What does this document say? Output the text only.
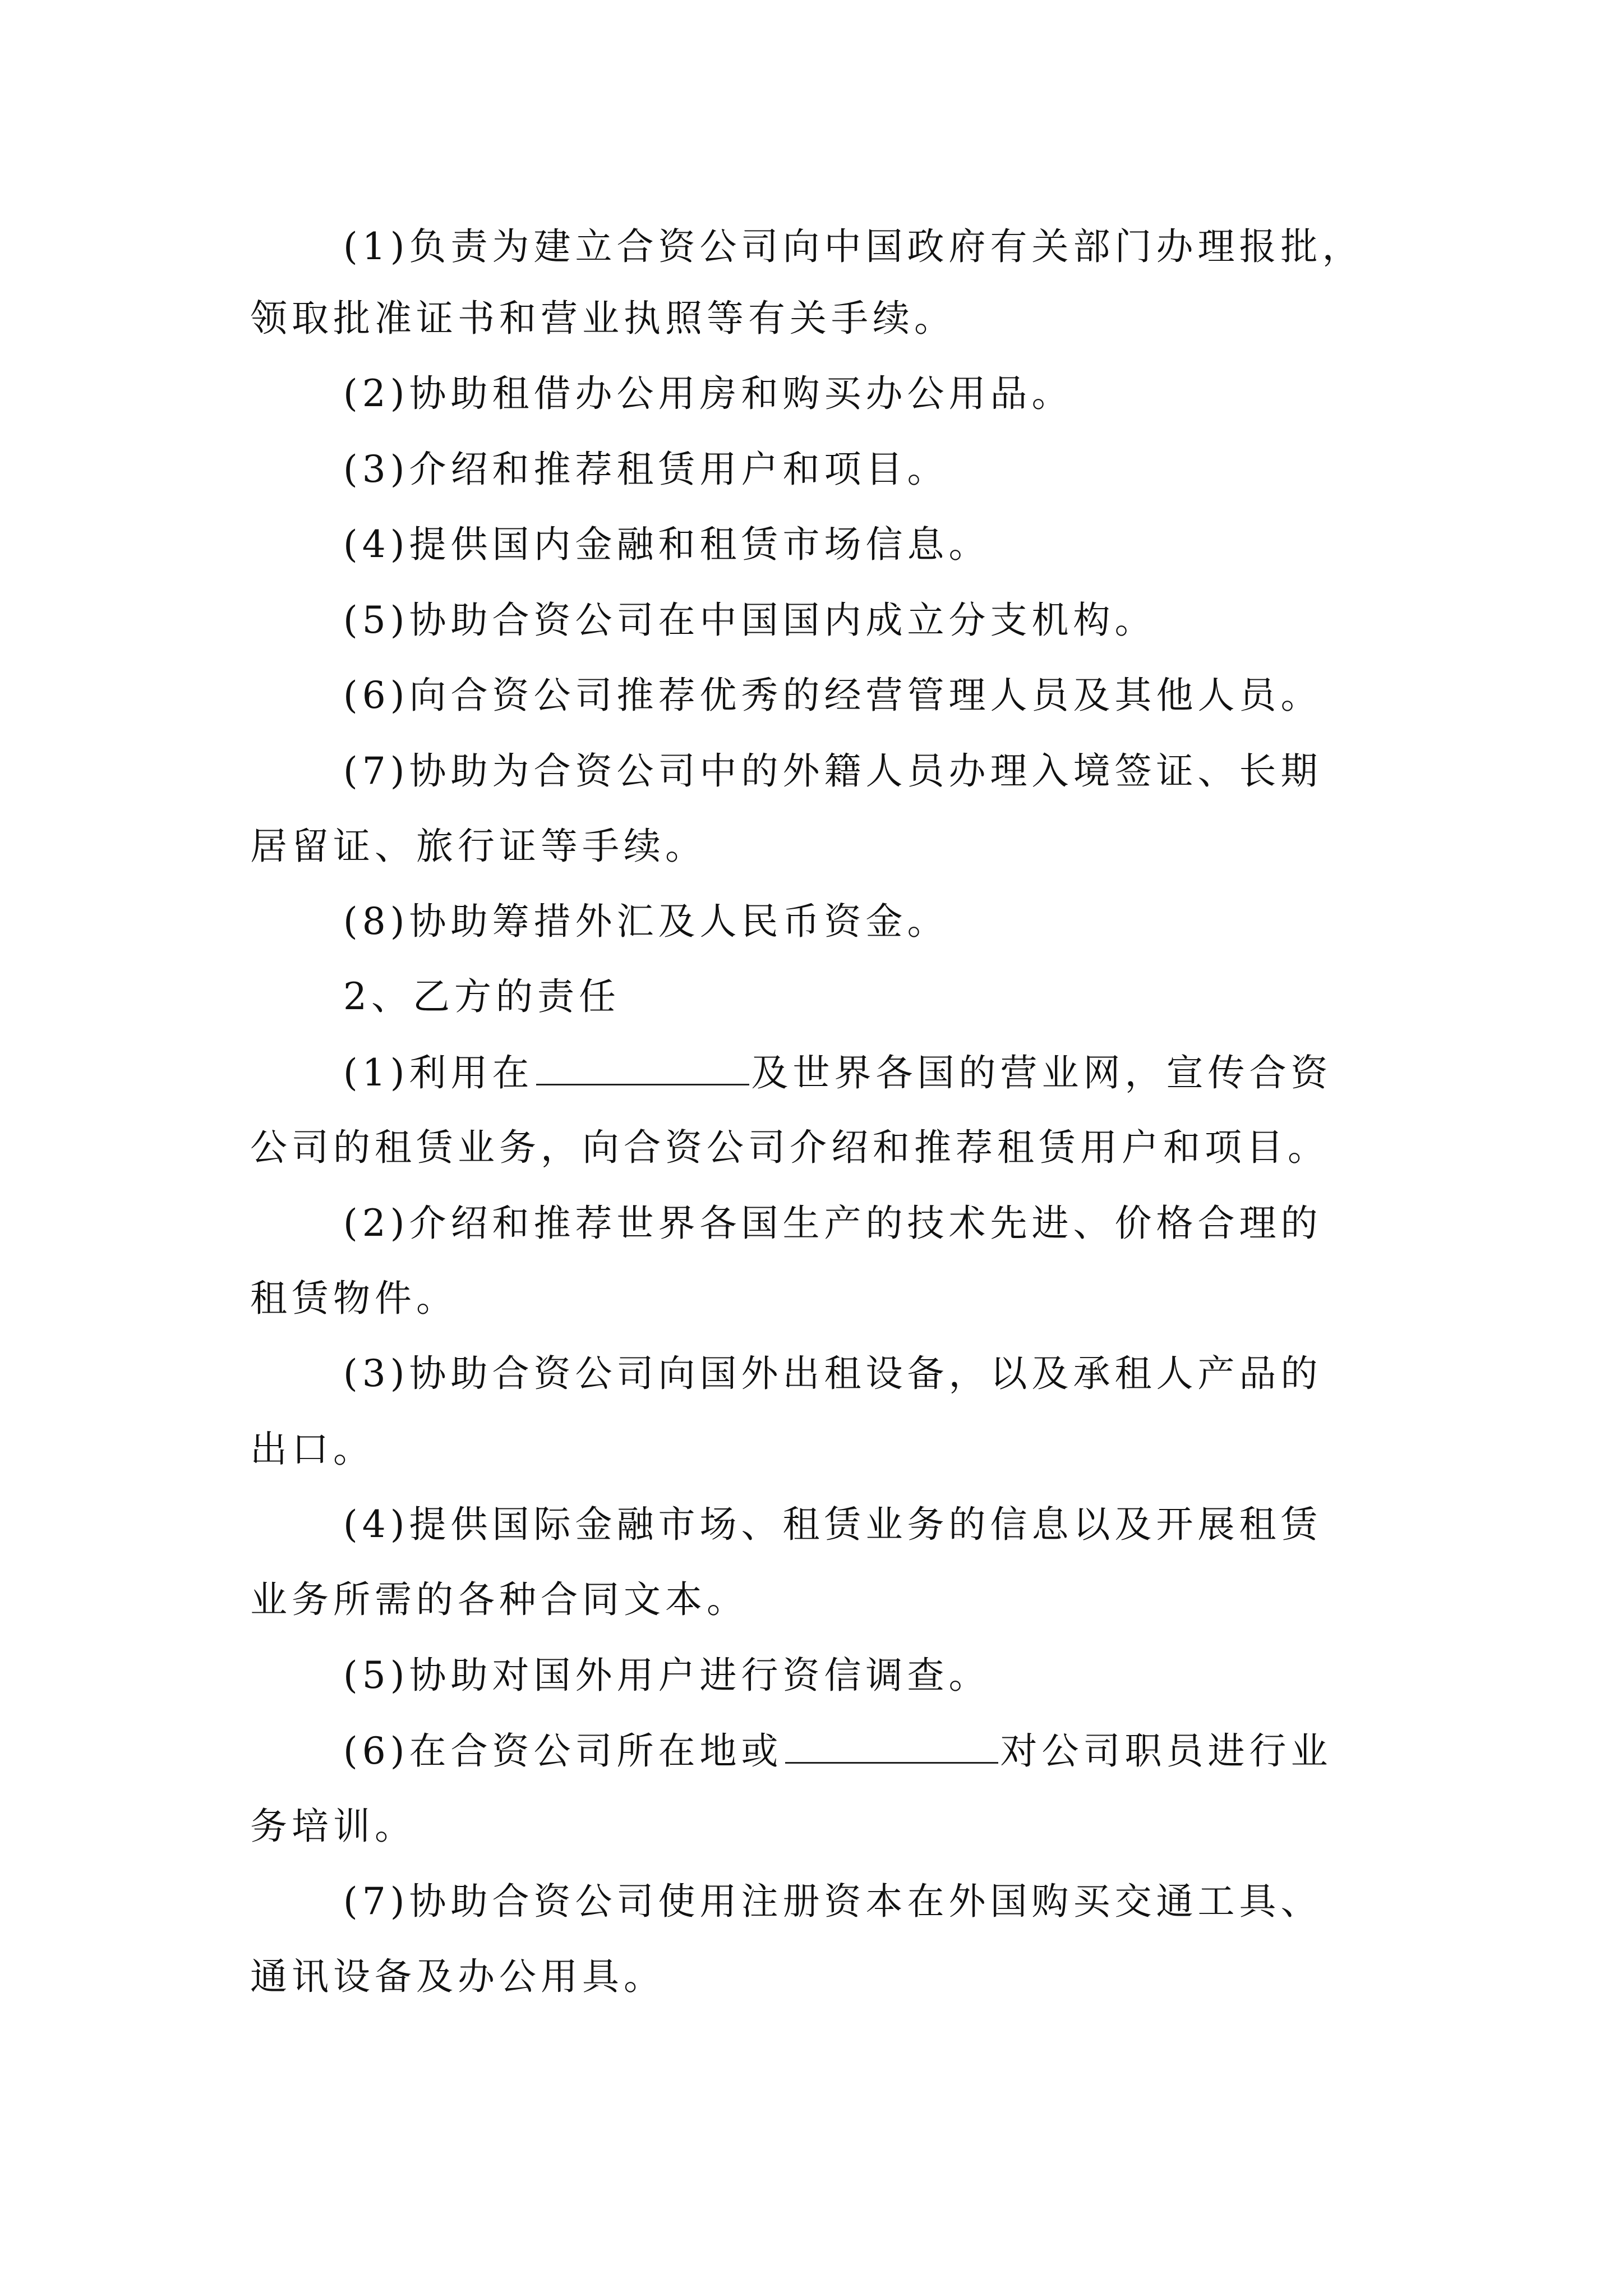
(1)负责为建立合资公司向中国政府有关部门办理报批，
领取批准证书和营业执照等有关手续。
(2)协助租借办公用房和购买办公用品。
(3)介绍和推荐租赁用户和项目。
(4)提供国内金融和租赁市场信息。
(5)协助合资公司在中国国内成立分支机构。
(6)向合资公司推荐优秀的经营管理人员及其他人员。
(7)协助为合资公司中的外籍人员办理入境签证、长期
居留证、旅行证等手续。
(8)协助筹措外汇及人民币资金。
2、乙方的责任
(1)利用在	及世界各国的营业网，宣传合资
公司的租赁业务，向合资公司介绍和推荐租赁用户和项目。
(2)介绍和推荐世界各国生产的技术先进、价格合理的
租赁物件。
(3)协助合资公司向国外出租设备，以及承租人产品的
出口。
(4)提供国际金融市场、租赁业务的信息以及开展租赁
业务所需的各种合同文本。
(5)协助对国外用户进行资信调查。
(6)在合资公司所在地或	对公司职员进行业
务培训。
(7)协助合资公司使用注册资本在外国购买交通工具、
通讯设备及办公用具。
